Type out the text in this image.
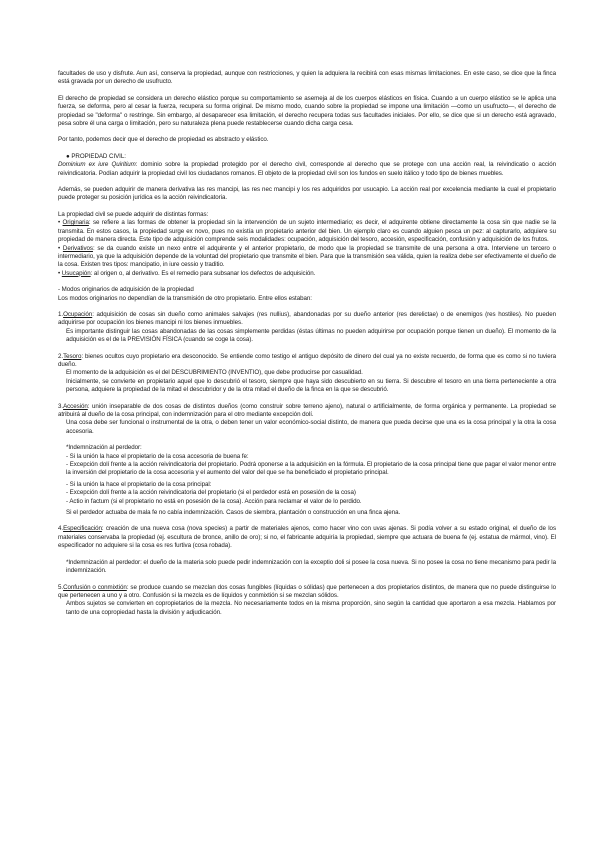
facultades de uso y disfrute. Aun así, conserva la propiedad, aunque con restricciones, y quien la adquiera la recibirá con esas mismas limitaciones. En este caso, se dice que la finca está gravada por un derecho de usufructo.

El derecho de propiedad se considera un derecho elástico porque su comportamiento se asemeja al de los cuerpos elásticos en física. Cuando a un cuerpo elástico se le aplica una fuerza, se deforma, pero al cesar la fuerza, recupera su forma original. De mismo modo, cuando sobre la propiedad se impone una limitación —como un usufructo—, el derecho de propiedad se "deforma" o restringe. Sin embargo, al desaparecer esa limitación, el derecho recupera todas sus facultades iniciales. Por ello, se dice que si un derecho está agravado, pesa sobre él una carga o limitación, pero su naturaleza plena puede restablecerse cuando dicha carga cesa.

Por tanto, podemos decir que el derecho de propiedad es abstracto y elástico.

● PROPIEDAD CIVIL:

Dominium ex iure Quiritium: dominio sobre la propiedad protegido por el derecho civil, corresponde al derecho que se protege con una acción real, la reivindicatio o acción reivindicatoria. Podían adquirir la propiedad civil los ciudadanos romanos. El objeto de la propiedad civil son los fundos en suelo itálico y todo tipo de bienes muebles.

Además, se pueden adquirir de manera derivativa las res mancipi, las res nec mancipi y los res adquiridos por usucapio. La acción real por excelencia mediante la cual el propietario puede proteger su posición jurídica es la acción reivindicatoria.

La propiedad civil se puede adquirir de distintas formas:

• Originaria: se refiere a las formas de obtener la propiedad sin la intervención de un sujeto intermediario; es decir, el adquirente obtiene directamente la cosa sin que nadie se la transmita. En estos casos, la propiedad surge ex novo, pues no existía un propietario anterior del bien. Un ejemplo claro es cuando alguien pesca un pez: al capturarlo, adquiere su propiedad de manera directa. Este tipo de adquisición comprende seis modalidades: ocupación, adquisición del tesoro, accesión, especificación, confusión y adquisición de los frutos.

• Derivativos: se da cuando existe un nexo entre el adquirente y el anterior propietario, de modo que la propiedad se transmite de una persona a otra. Interviene un tercero o intermediario, ya que la adquisición depende de la voluntad del propietario que transmite el bien. Para que la transmisión sea válida, quien la realiza debe ser efectivamente el dueño de la cosa. Existen tres tipos: mancipatio, in iure cessio y traditio.

• Usucapión: al origen o, al derivativo. Es el remedio para subsanar los defectos de adquisición.

- Modos originarios de adquisición de la propiedad

Los modos originarios no dependían de la transmisión de otro propietario. Entre ellos estaban:

1.Ocupación: adquisición de cosas sin dueño como animales salvajes (res nullius), abandonadas por su dueño anterior (res derelictae) o de enemigos (res hostiles). No pueden adquirirse por ocupación los bienes mancipi ni los bienes inmuebles.

Es importante distinguir las cosas abandonadas de las cosas simplemente perdidas (éstas últimas no pueden adquirirse por ocupación porque tienen un dueño). El momento de la adquisición es el de la PREVISIÓN FÍSICA (cuando se coge la cosa).

2.Tesoro: bienes ocultos cuyo propietario era desconocido. Se entiende como testigo el antiguo depósito de dinero del cual ya no existe recuerdo, de forma que es como si no tuviera dueño.

El momento de la adquisición es el del DESCUBRIMIENTO (INVENTIO), que debe producirse por casualidad.

Inicialmente, se convierte en propietario aquel que lo descubrió el tesoro, siempre que haya sido descubierto en su tierra. Si descubre el tesoro en una tierra perteneciente a otra persona, adquiere la propiedad de la mitad el descubridor y de la otra mitad el dueño de la finca en la que se descubrió.

3.Accesión: unión inseparable de dos cosas de distintos dueños (como construir sobre terreno ajeno), natural o artificialmente, de forma orgánica y permanente. La propiedad se atribuirá al dueño de la cosa principal, con indemnización para el otro mediante excepción dolí.

Una cosa debe ser funcional o instrumental de la otra, o deben tener un valor económico-social distinto, de manera que pueda decirse que una es la cosa principal y la otra la cosa accesoria.

*Indemnización al perdedor:

- Si la unión la hace el propietario de la cosa accesoria de buena fe:

- Excepción dolí frente a la acción reivindicatoria del propietario. Podrá oponerse a la adquisición en la fórmula. El propietario de la cosa principal tiene que pagar el valor menor entre la inversión del propietario de la cosa accesoria y el aumento del valor del que se ha beneficiado el propietario principal.

- Si la unión la hace el propietario de la cosa principal:

- Excepción dolí frente a la acción reivindicatoria del propietario (si el perdedor está en posesión de la cosa)

- Actio in factum (si el propietario no está en posesión de la cosa). Acción para reclamar el valor de lo perdido.

Si el perdedor actuaba de mala fe no cabía indemnización. Casos de siembra, plantación o construcción en una finca ajena.

4.Especificación: creación de una nueva cosa (nova species) a partir de materiales ajenos, como hacer vino con uvas ajenas. Si podía volver a su estado original, el dueño de los materiales conservaba la propiedad (ej. escultura de bronce, anillo de oro); si no, el fabricante adquiría la propiedad, siempre que actuara de buena fe (ej. estatua de mármol, vino). El especificador no adquiere si la cosa es res furtiva (cosa robada).

*Indemnización al perdedor: el dueño de la materia solo puede pedir indemnización con la exceptio doli si posee la cosa nueva. Si no posee la cosa no tiene mecanismo para pedir la indemnización.

5.Confusión o conmixtión: se produce cuando se mezclan dos cosas fungibles (líquidas o sólidas) que pertenecen a dos propietarios distintos, de manera que no puede distinguirse lo que pertenecen a uno y a otro. Confusión si la mezcla es de líquidos y conmixtión si se mezclan sólidos.

Ambos sujetos se convierten en copropietarios de la mezcla. No necesariamente todos en la misma proporción, sino según la cantidad que aportaron a esa mezcla. Hablamos por tanto de una copropiedad hasta la división y adjudicación.
